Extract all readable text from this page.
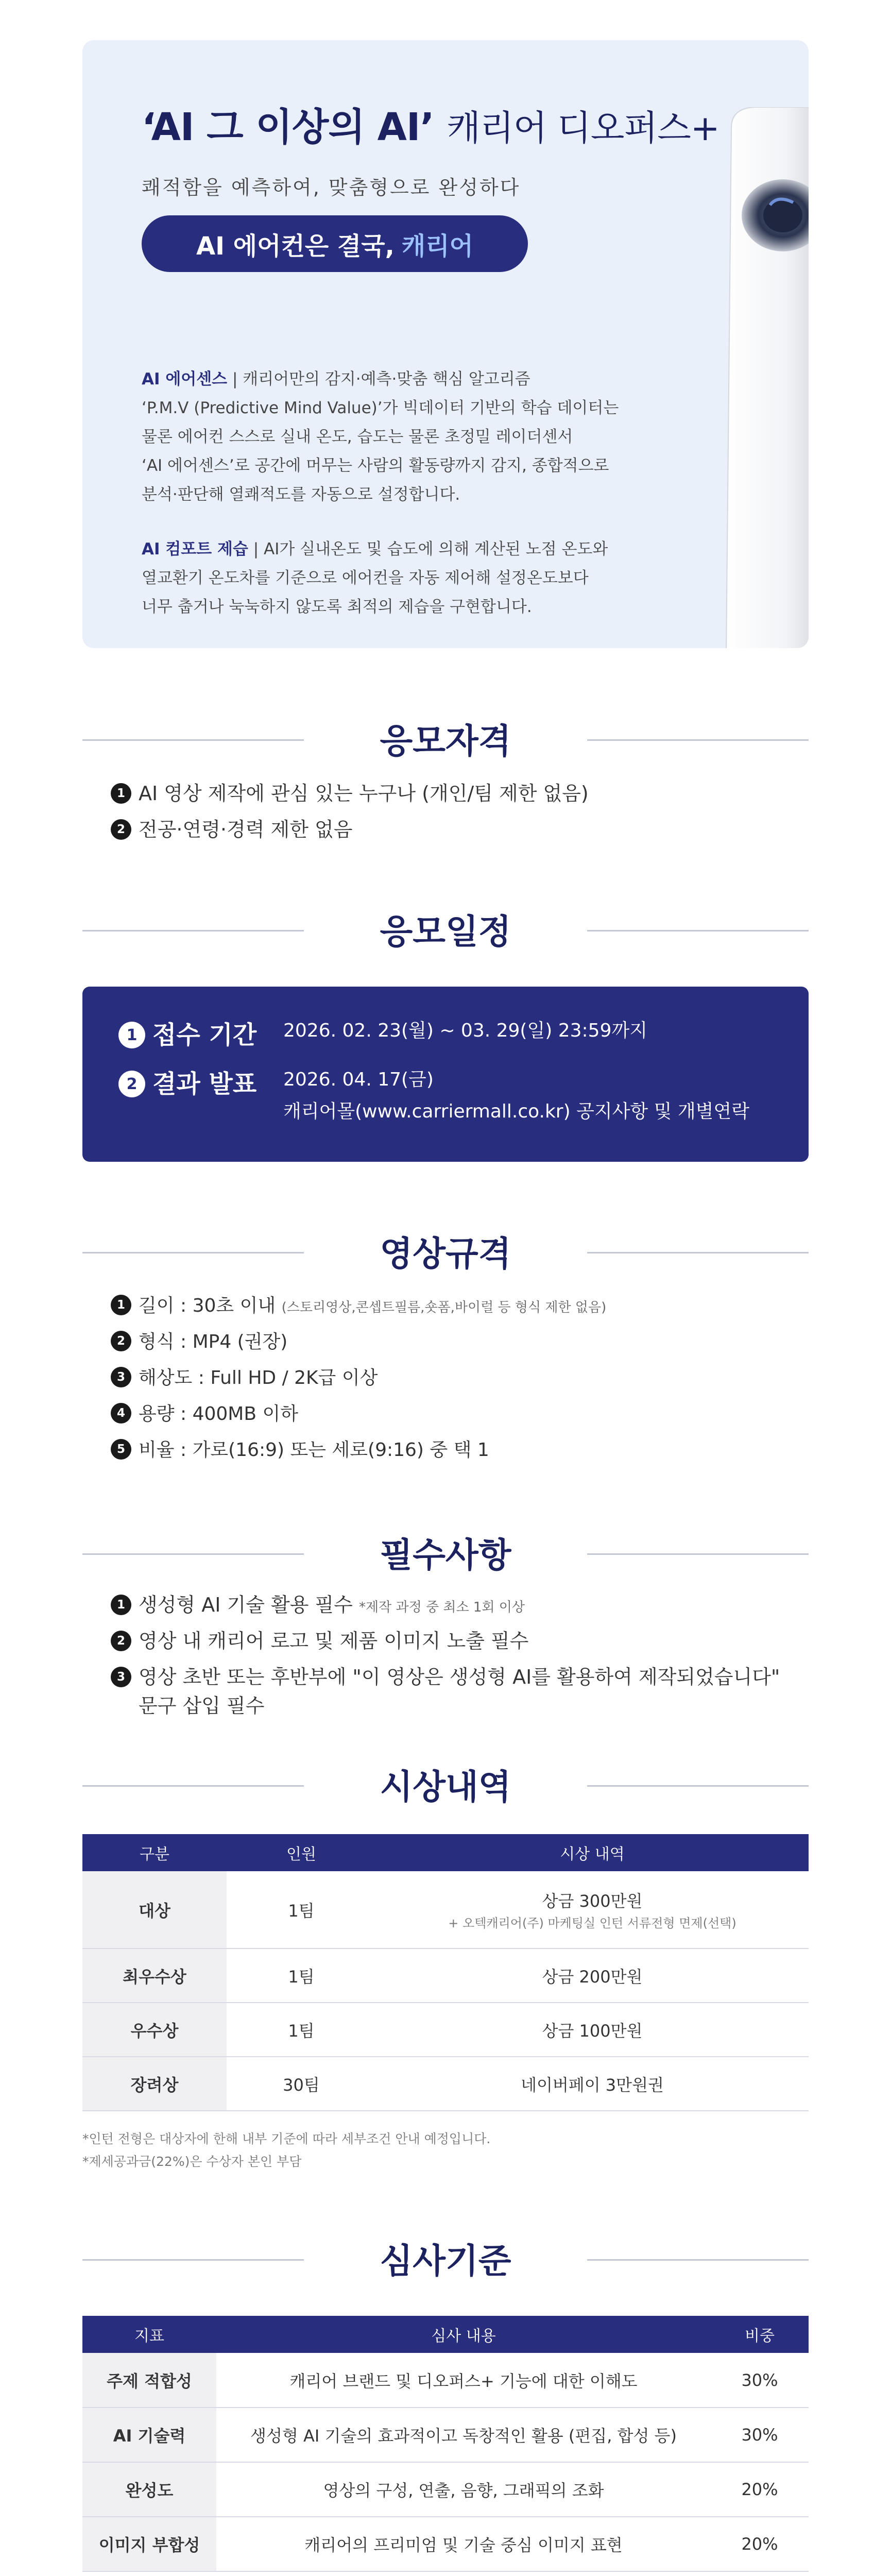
‘AI 그 이상의 AI’ 캐리어 디오퍼스+
쾌적함을 예측하여, 맞춤형으로 완성하다
AI 에어컨은 결국, 캐리어

AI 에어센스 | 캐리어만의 감지·예측·맞춤 핵심 알고리즘
‘P.M.V (Predictive Mind Value)’가 빅데이터 기반의 학습 데이터는
물론 에어컨 스스로 실내 온도, 습도는 물론 초정밀 레이더센서
‘AI 에어센스’로 공간에 머무는 사람의 활동량까지 감지, 종합적으로
분석·판단해 열쾌적도를 자동으로 설정합니다.

AI 컴포트 제습 | AI가 실내온도 및 습도에 의해 계산된 노점 온도와
열교환기 온도차를 기준으로 에어컨을 자동 제어해 설정온도보다
너무 춥거나 눅눅하지 않도록 최적의 제습을 구현합니다.

응모자격
1 AI 영상 제작에 관심 있는 누구나 (개인/팀 제한 없음)
2 전공·연령·경력 제한 없음
응모일정
1 접수 기간	2026. 02. 23(월) ~ 03. 29(일) 23:59까지
2 결과 발표	2026. 04. 17(금)
캐리어몰(www.carriermall.co.kr) 공지사항 및 개별연락
영상규격
1 길이 : 30초 이내 (스토리영상,콘셉트필름,숏폼,바이럴 등 형식 제한 없음)
2 형식 : MP4 (권장)
3 해상도 : Full HD / 2K급 이상
4 용량 : 400MB 이하
5 비율 : 가로(16:9) 또는 세로(9:16) 중 택 1
필수사항
1 생성형 AI 기술 활용 필수 *제작 과정 중 최소 1회 이상
2 영상 내 캐리어 로고 및 제품 이미지 노출 필수
3 영상 초반 또는 후반부에 "이 영상은 생성형 AI를 활용하여 제작되었습니다"
문구 삽입 필수
시상내역
구분	인원	시상 내역
대상	1팀	상금 300만원
+ 오텍캐리어(주) 마케팅실 인턴 서류전형 면제(선택)
최우수상	1팀	상금 200만원
우수상	1팀	상금 100만원
장려상	30팀	네이버페이 3만원권
*인턴 전형은 대상자에 한해 내부 기준에 따라 세부조건 안내 예정입니다.
*제세공과금(22%)은 수상자 본인 부담
심사기준
지표	심사 내용	비중
주제 적합성	캐리어 브랜드 및 디오퍼스+ 기능에 대한 이해도	30%
AI 기술력	생성형 AI 기술의 효과적이고 독창적인 활용 (편집, 합성 등)	30%
완성도	영상의 구성, 연출, 음향, 그래픽의 조화	20%
이미지 부합성	캐리어의 프리미엄 및 기술 중심 이미지 표현	20%
